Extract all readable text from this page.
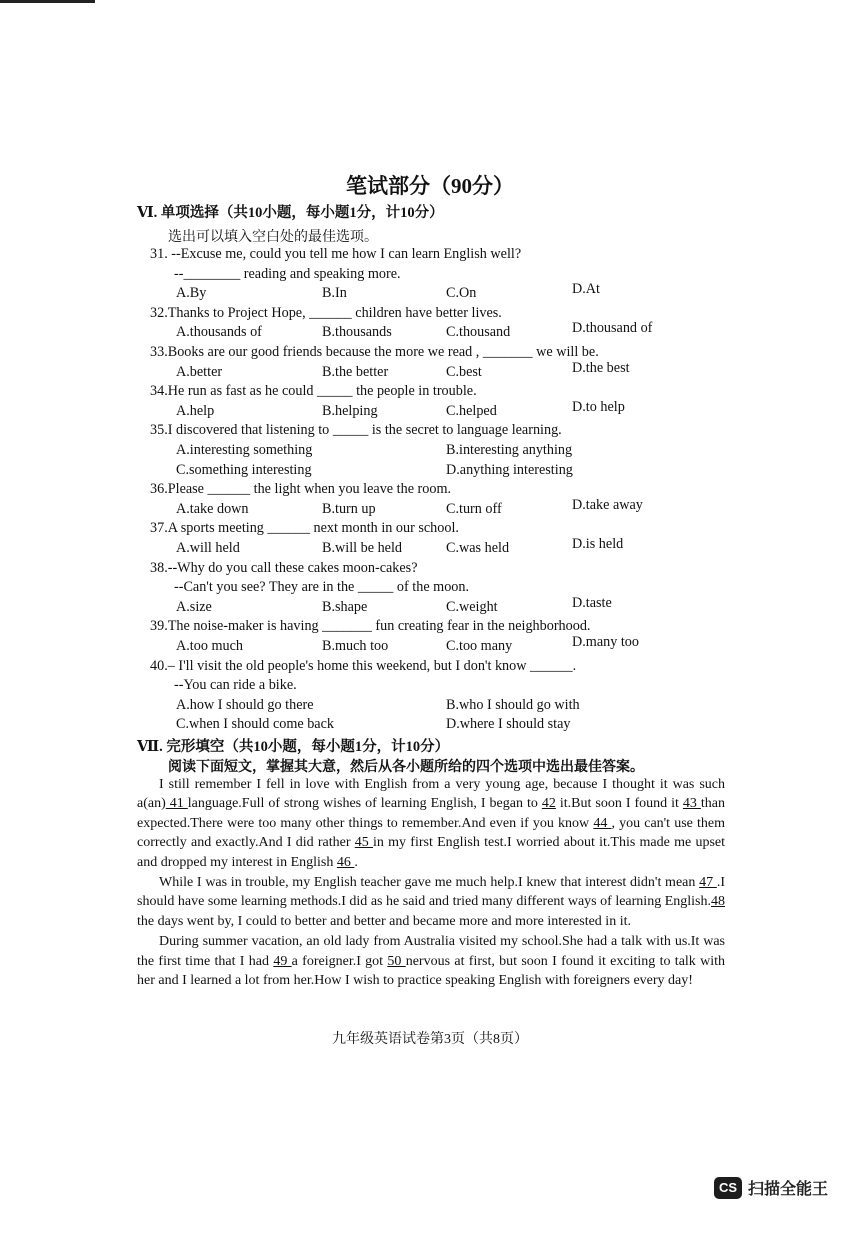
笔试部分（90分）
Ⅵ. 单项选择（共10小题，每小题1分，计10分）
选出可以填入空白处的最佳选项。
31. --Excuse me, could you tell me how I can learn English well?
--________ reading and speaking more.
A.By	B.In	C.On	D.At
32.Thanks to Project Hope, ______ children have better lives.
A.thousands of	B.thousands	C.thousand	D.thousand of
33.Books are our good friends because the more we read , _______ we will be.
A.better	B.the better	C.best	D.the best
34.He run as fast as he could _____ the people in trouble.
A.help	B.helping	C.helped	D.to help
35.I discovered that listening to _____ is the secret to language learning.
A.interesting something	B.interesting anything
C.something interesting	D.anything interesting
36.Please ______ the light when you leave the room.
A.take down	B.turn up	C.turn off	D.take away
37.A sports meeting ______ next month in our school.
A.will held	B.will be held	C.was held	D.is held
38.--Why do you call these cakes moon-cakes?
--Can't you see? They are in the _____ of the moon.
A.size	B.shape	C.weight	D.taste
39.The noise-maker is having _______ fun creating fear in the neighborhood.
A.too much	B.much too	C.too many	D.many too
40.– I'll visit the old people's home this weekend, but I don't know ______.
--You can ride a bike.
A.how I should go there	B.who I should go with
C.when I should come back	D.where I should stay
Ⅶ. 完形填空（共10小题，每小题1分，计10分）
阅读下面短文，掌握其大意，然后从各小题所给的四个选项中选出最佳答案。

I still remember I fell in love with English from a very young age, because I thought it was such a(an) 41 language.Full of strong wishes of learning English, I began to 42 it.But soon I found it 43 than expected.There were too many other things to remember.And even if you know 44 , you can't use them correctly and exactly.And I did rather 45 in my first English test.I worried about it.This made me upset and dropped my interest in English 46 .

While I was in trouble, my English teacher gave me much help.I knew that interest didn't mean 47 .I should have some learning methods.I did as he said and tried many different ways of learning English.48 the days went by, I could to better and better and became more and more interested in it.

During summer vacation, an old lady from Australia visited my school.She had a talk with us.It was the first time that I had 49 a foreigner.I got 50 nervous at first, but soon I found it exciting to talk with her and I learned a lot from her.How I wish to practice speaking English with foreigners every day!

九年级英语试卷第3页（共8页）
CS 扫描全能王
